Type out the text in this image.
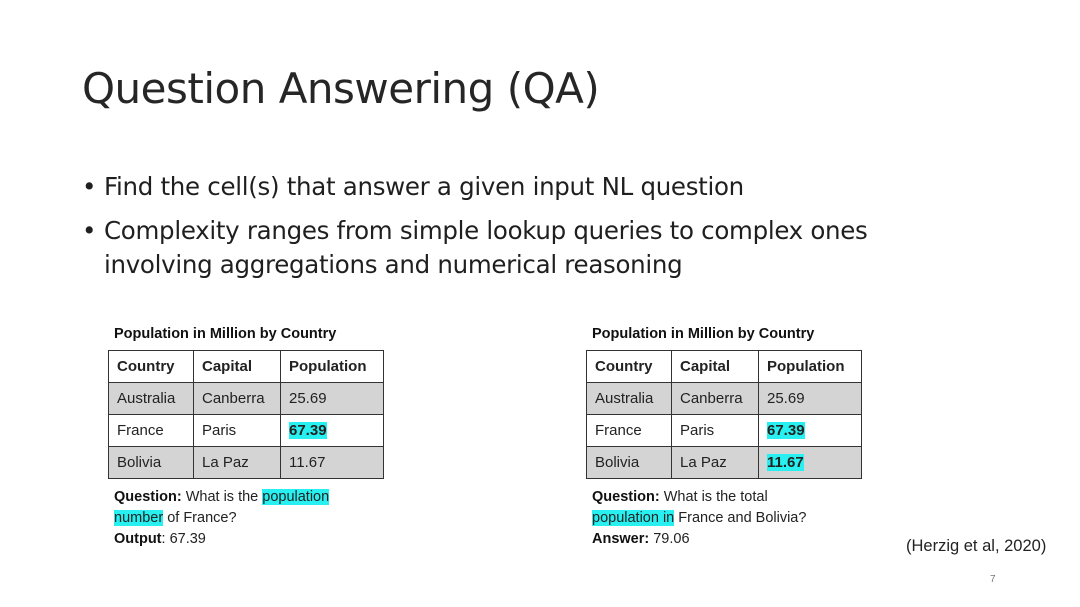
Question Answering (QA)
• Find the cell(s) that answer a given input NL question
• Complexity ranges from simple lookup queries to complex ones involving aggregations and numerical reasoning
Population in Million by Country
Country	Capital	Population
Australia	Canberra	25.69
France	Paris	67.39
Bolivia	La Paz	11.67
Question: What is the population
number of France?
Output: 67.39
Population in Million by Country
Country	Capital	Population
Australia	Canberra	25.69
France	Paris	67.39
Bolivia	La Paz	11.67
Question: What is the total
population in France and Bolivia?
Answer: 79.06	(Herzig et al, 2020)
7
